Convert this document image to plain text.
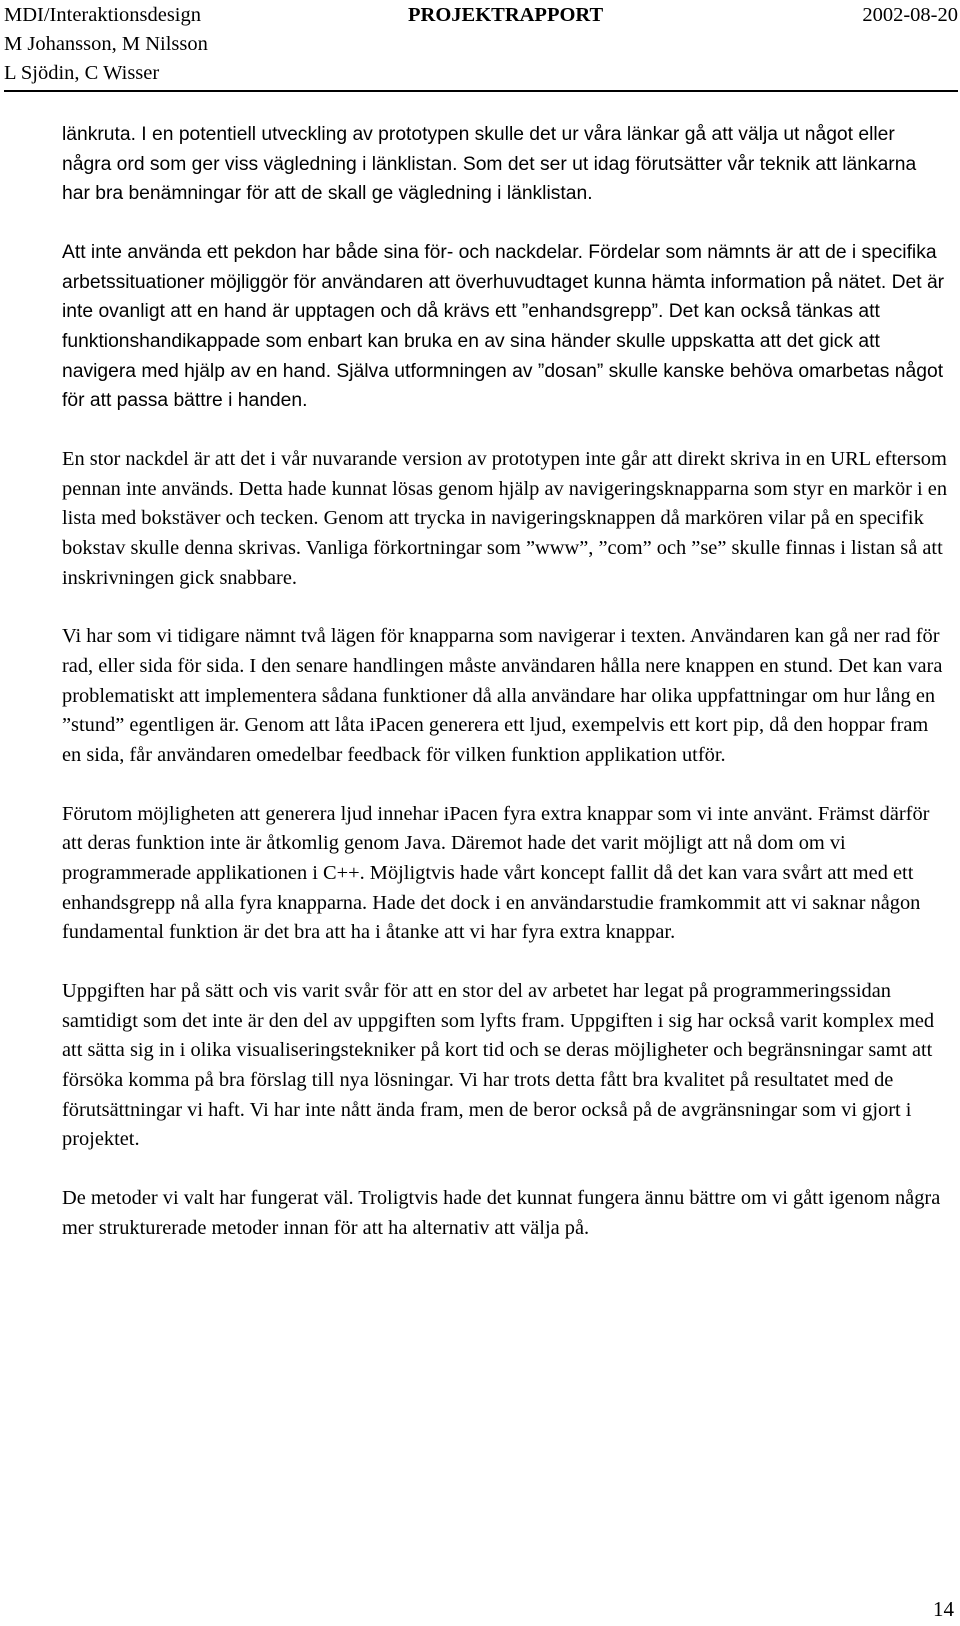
MDI/Interaktionsdesign	PROJEKTRAPPORT	2002-08-20
M Johansson, M Nilsson
L Sjödin, C Wisser

länkruta. I en potentiell utveckling av prototypen skulle det ur våra länkar gå att välja ut något eller några ord som ger viss vägledning i länklistan. Som det ser ut idag förutsätter vår teknik att länkarna har bra benämningar för att de skall ge vägledning i länklistan.

Att inte använda ett pekdon har både sina för- och nackdelar. Fördelar som nämnts är att de i specifika arbetssituationer möjliggör för användaren att överhuvudtaget kunna hämta information på nätet. Det är inte ovanligt att en hand är upptagen och då krävs ett ”enhandsgrepp”. Det kan också tänkas att funktionshandikappade som enbart kan bruka en av sina händer skulle uppskatta att det gick att navigera med hjälp av en hand. Själva utformningen av ”dosan” skulle kanske behöva omarbetas något för att passa bättre i handen.

En stor nackdel är att det i vår nuvarande version av prototypen inte går att direkt skriva in en URL eftersom pennan inte används. Detta hade kunnat lösas genom hjälp av navigeringsknapparna som styr en markör i en lista med bokstäver och tecken. Genom att trycka in navigeringsknappen då markören vilar på en specifik bokstav skulle denna skrivas. Vanliga förkortningar som ”www”, ”com” och ”se” skulle finnas i listan så att inskrivningen gick snabbare.

Vi har som vi tidigare nämnt två lägen för knapparna som navigerar i texten. Användaren kan gå ner rad för rad, eller sida för sida. I den senare handlingen måste användaren hålla nere knappen en stund. Det kan vara problematiskt att implementera sådana funktioner då alla användare har olika uppfattningar om hur lång en ”stund” egentligen är. Genom att låta iPacen generera ett ljud, exempelvis ett kort pip, då den hoppar fram en sida, får användaren omedelbar feedback för vilken funktion applikation utför.

Förutom möjligheten att generera ljud innehar iPacen fyra extra knappar som vi inte använt. Främst därför att deras funktion inte är åtkomlig genom Java. Däremot hade det varit möjligt att nå dom om vi programmerade applikationen i C++. Möjligtvis hade vårt koncept fallit då det kan vara svårt att med ett enhandsgrepp nå alla fyra knapparna. Hade det dock i en användarstudie framkommit att vi saknar någon fundamental funktion är det bra att ha i åtanke att vi har fyra extra knappar.

Uppgiften har på sätt och vis varit svår för att en stor del av arbetet har legat på programmeringssidan samtidigt som det inte är den del av uppgiften som lyfts fram. Uppgiften i sig har också varit komplex med att sätta sig in i olika visualiseringstekniker på kort tid och se deras möjligheter och begränsningar samt att försöka komma på bra förslag till nya lösningar. Vi har trots detta fått bra kvalitet på resultatet med de förutsättningar vi haft. Vi har inte nått ända fram, men de beror också på de avgränsningar som vi gjort i projektet.

De metoder vi valt har fungerat väl. Troligtvis hade det kunnat fungera ännu bättre om vi gått igenom några mer strukturerade metoder innan för att ha alternativ att välja på.

14
